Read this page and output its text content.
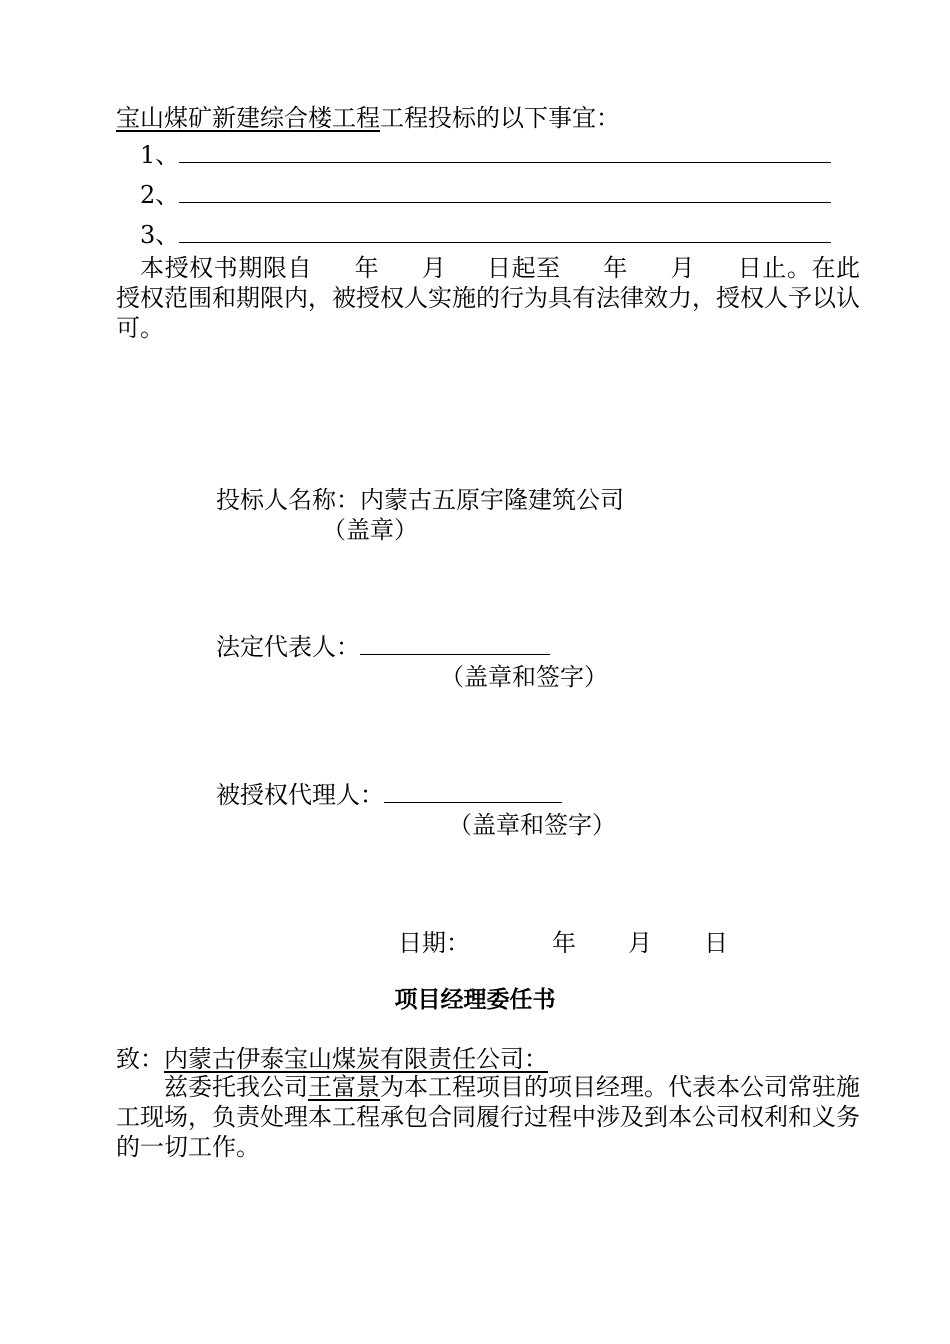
宝山煤矿新建综合楼工程工程投标的以下事宜：
1、
2、
3、
本授权书期限自 年 月 日起至 年 月 日止。在此授权范围和期限内，被授权人实施的行为具有法律效力，授权人予以认可。
投标人名称：内蒙古五原宇隆建筑公司
（盖章）
法定代表人：
（盖章和签字）
被授权代理人：
（盖章和签字）
日期：	年 月 日
项目经理委任书
致：内蒙古伊泰宝山煤炭有限责任公司：
兹委托我公司王富景为本工程项目的项目经理。代表本公司常驻施工现场，负责处理本工程承包合同履行过程中涉及到本公司权利和义务的一切工作。
